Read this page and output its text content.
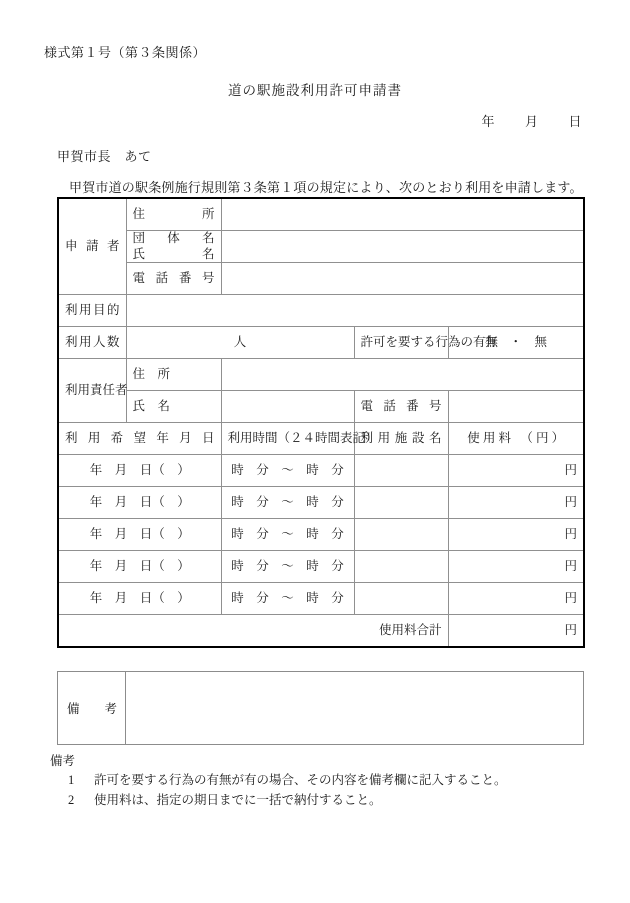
様式第１号（第３条関係）
道の駅施設利用許可申請書
年 月 日
甲賀市長　あて
甲賀市道の駅条例施行規則第３条第１項の規定により、次のとおり利用を申請します。
申 請 者	住　　　所			

	団　体　名
氏　　　名			

	電 話 番 号			
利用目的				
利用人数	人		許可を要する行為の有無	有　・　無
利用責任者	住　所			
	氏　名		電 話 番 号	
利用希望年月日		利用時間（２４時間表記）	利用施設名	使 用 料 　（ 円 ）
年　月　日（　）		時　分　～　時　分		円
年　月　日（　）		時　分　～　時　分		円
年　月　日（　）		時　分　～　時　分		円
年　月　日（　）		時　分　～　時　分		円
年　月　日（　）		時　分　～　時　分		円
使用料合計				円
備　　考	

備考

1	許可を要する行為の有無が有の場合、その内容を備考欄に記入すること。
2	使用料は、指定の期日までに一括で納付すること。
